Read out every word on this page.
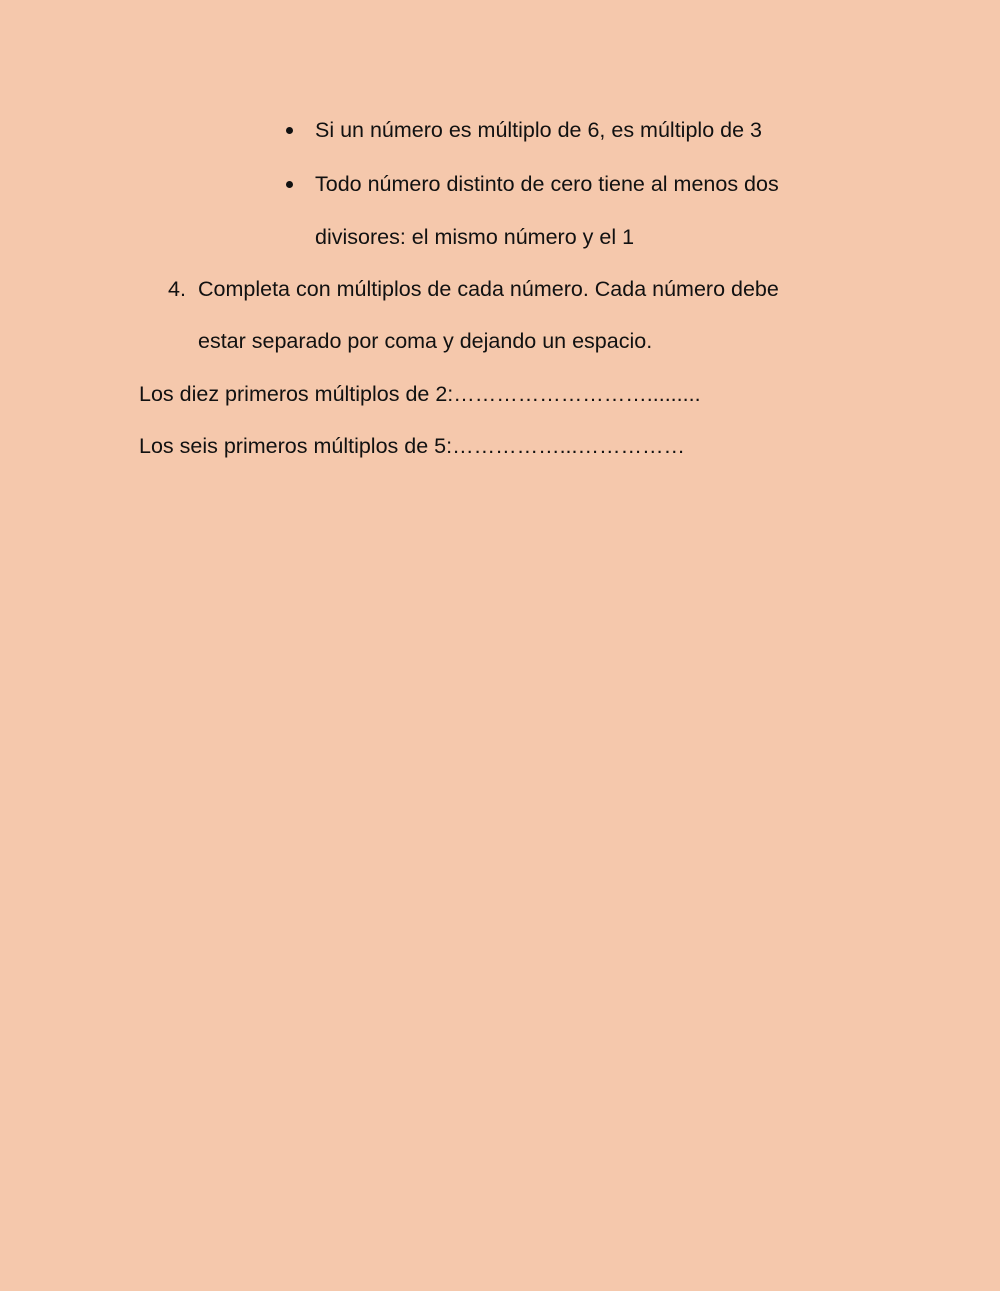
Si un número es múltiplo de 6, es múltiplo de 3
Todo número distinto de cero tiene al menos dos
divisores: el mismo número y el 1
4. Completa con múltiplos de cada número. Cada número debe
estar separado por coma y dejando un espacio.
Los diez primeros múltiplos de 2:……………………….........
Los seis primeros múltiplos de 5:……………...……………
